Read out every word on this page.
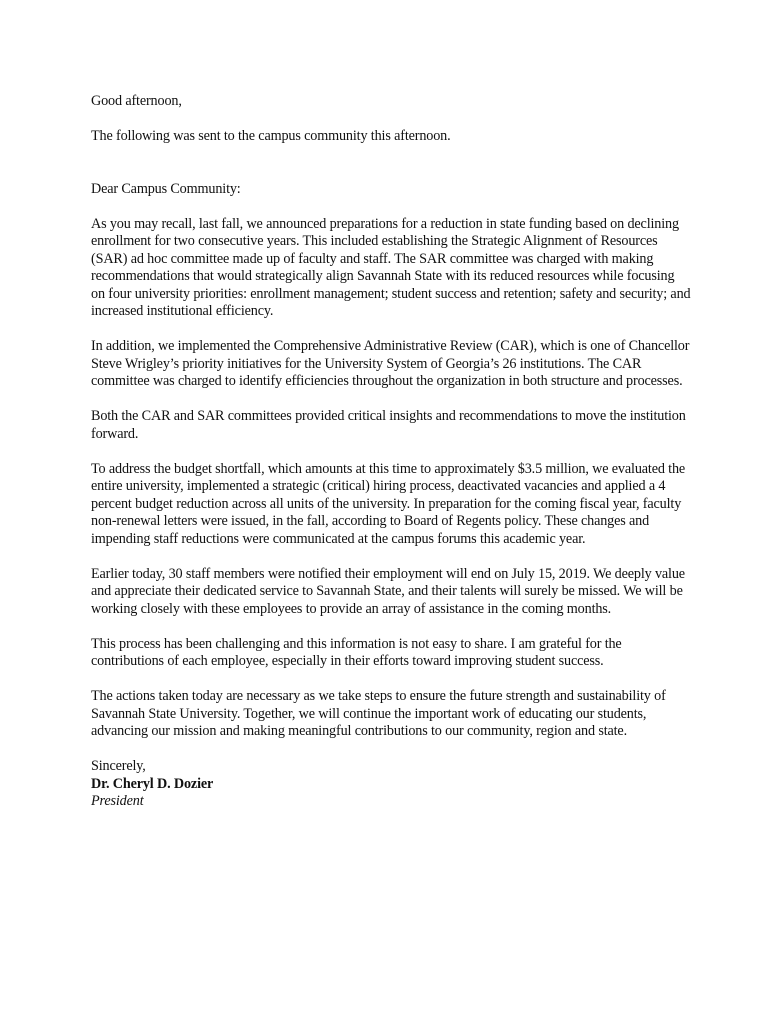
Good afternoon,

The following was sent to the campus community this afternoon.

Dear Campus Community:

As you may recall, last fall, we announced preparations for a reduction in state funding based on declining enrollment for two consecutive years. This included establishing the Strategic Alignment of Resources (SAR) ad hoc committee made up of faculty and staff. The SAR committee was charged with making recommendations that would strategically align Savannah State with its reduced resources while focusing on four university priorities: enrollment management; student success and retention; safety and security; and increased institutional efficiency.

In addition, we implemented the Comprehensive Administrative Review (CAR), which is one of Chancellor Steve Wrigley’s priority initiatives for the University System of Georgia’s 26 institutions. The CAR committee was charged to identify efficiencies throughout the organization in both structure and processes.

Both the CAR and SAR committees provided critical insights and recommendations to move the institution forward.

To address the budget shortfall, which amounts at this time to approximately $3.5 million, we evaluated the entire university, implemented a strategic (critical) hiring process, deactivated vacancies and applied a 4 percent budget reduction across all units of the university. In preparation for the coming fiscal year, faculty non-renewal letters were issued, in the fall, according to Board of Regents policy. These changes and impending staff reductions were communicated at the campus forums this academic year.

Earlier today, 30 staff members were notified their employment will end on July 15, 2019. We deeply value and appreciate their dedicated service to Savannah State, and their talents will surely be missed. We will be working closely with these employees to provide an array of assistance in the coming months.

This process has been challenging and this information is not easy to share. I am grateful for the contributions of each employee, especially in their efforts toward improving student success.

The actions taken today are necessary as we take steps to ensure the future strength and sustainability of Savannah State University. Together, we will continue the important work of educating our students, advancing our mission and making meaningful contributions to our community, region and state.

Sincerely,

Dr. Cheryl D. Dozier

President
